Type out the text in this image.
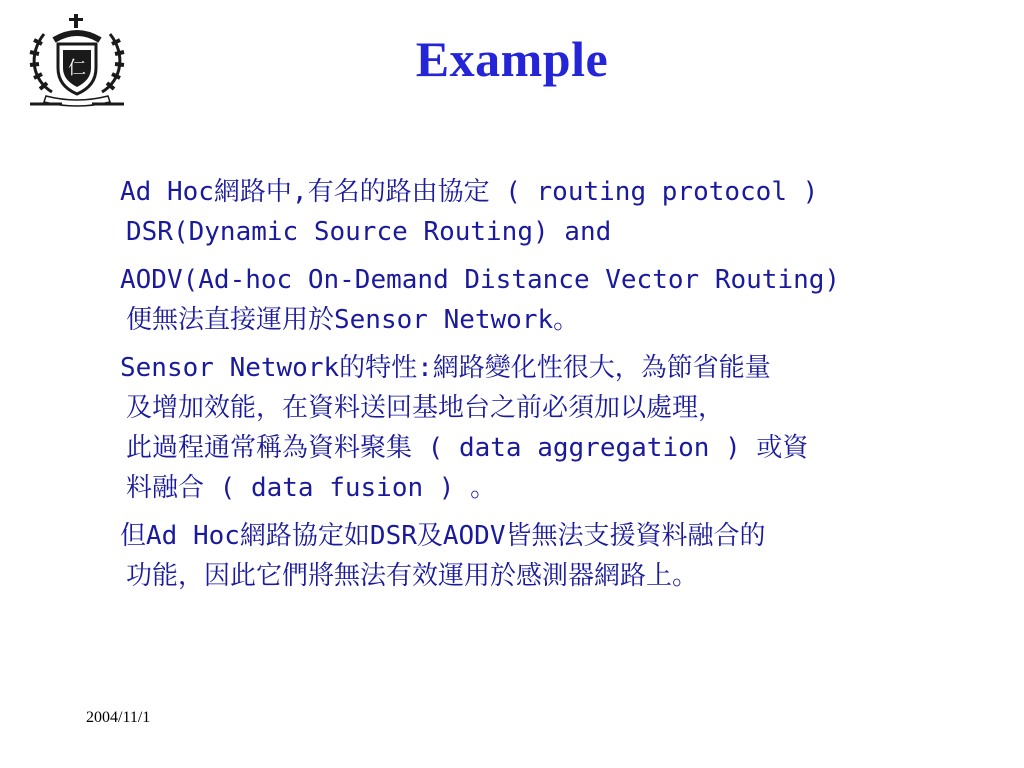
仁	Example

Ad Hoc網路中,有名的路由協定 ( routing protocol )
DSR(Dynamic Source Routing) and

AODV(Ad-hoc On-Demand Distance Vector Routing)
便無法直接運用於Sensor Network。

Sensor Network的特性:網路變化性很大，為節省能量
及增加效能，在資料送回基地台之前必須加以處理，
此過程通常稱為資料聚集 ( data aggregation ) 或資
料融合 ( data fusion ) 。

但Ad Hoc網路協定如DSR及AODV皆無法支援資料融合的
功能，因此它們將無法有效運用於感測器網路上。

2004/11/1
